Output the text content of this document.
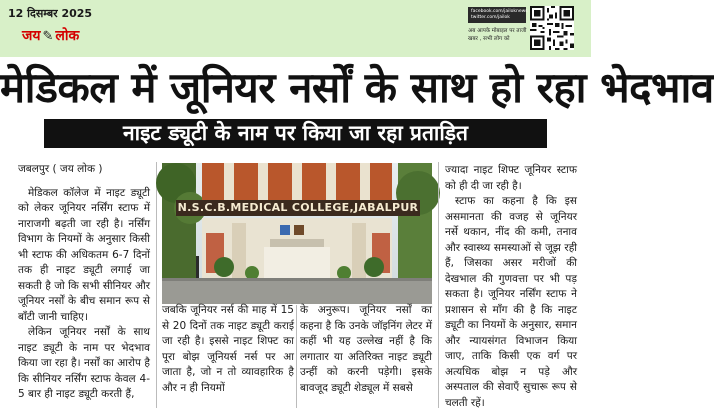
12 दिसम्बर 2025
जय ✎ लोक
facebook.com/jailoknews twitter.com/jailok
अब आपके मोबाइल पर ताजी खबर , सभी लोग को
मेडिकल में जूनियर नर्सों के साथ हो रहा भेदभाव
नाइट ड्यूटी के नाम पर किया जा रहा प्रताड़ित

जबलपुर ( जय लोक )

मेडिकल कॉलेज में नाइट ड्यूटी को लेकर जूनियर नर्सिंग स्टाफ में नाराजगी बढ़ती जा रही है। नर्सिंग विभाग के नियमों के अनुसार किसी भी स्टाफ की अधिकतम 6-7 दिनों तक ही नाइट ड्यूटी लगाई जा सकती है जो कि सभी सीनियर और जूनियर नर्सों के बीच समान रूप से बाँटी जानी चाहिए।

लेकिन जूनियर नर्सों के साथ नाइट ड्यूटी के नाम पर भेदभाव किया जा रहा है। नर्सों का आरोप है कि सीनियर नर्सिंग स्टाफ केवल 4-5 बार ही नाइट ड्यूटी करती हैं,

N.S.C.B.MEDICAL COLLEGE,JABALPUR

जबकि जूनियर नर्स की माह में 15 से 20 दिनों तक नाइट ड्यूटी कराई जा रही है। इससे नाइट शिफ्ट का पूरा बोझ जूनियर्स नर्स पर आ जाता है, जो न तो व्यावहारिक है और न ही नियमों

के अनुरूप। जूनियर नर्सों का कहना है कि उनके जॉइनिंग लेटर में कहीं भी यह उल्लेख नहीं है कि लगातार या अतिरिक्त नाइट ड्यूटी उन्हीं को करनी पड़ेगी। इसके बावजूद ड्यूटी शेड्यूल में सबसे

ज्यादा नाइट शिफ्ट जूनियर स्टाफ को ही दी जा रही है।

स्टाफ का कहना है कि इस असमानता की वजह से जूनियर नर्से थकान, नींद की कमी, तनाव और स्वास्थ्य समस्याओं से जूझ रही हैं, जिसका असर मरीजों की देखभाल की गुणवत्ता पर भी पड़ सकता है। जूनियर नर्सिंग स्टाफ ने प्रशासन से माँग की है कि नाइट ड्यूटी का नियमों के अनुसार, समान और न्यायसंगत विभाजन किया जाए, ताकि किसी एक वर्ग पर अत्यधिक बोझ न पड़े और अस्पताल की सेवाएँ सुचारू रूप से चलती रहें।
